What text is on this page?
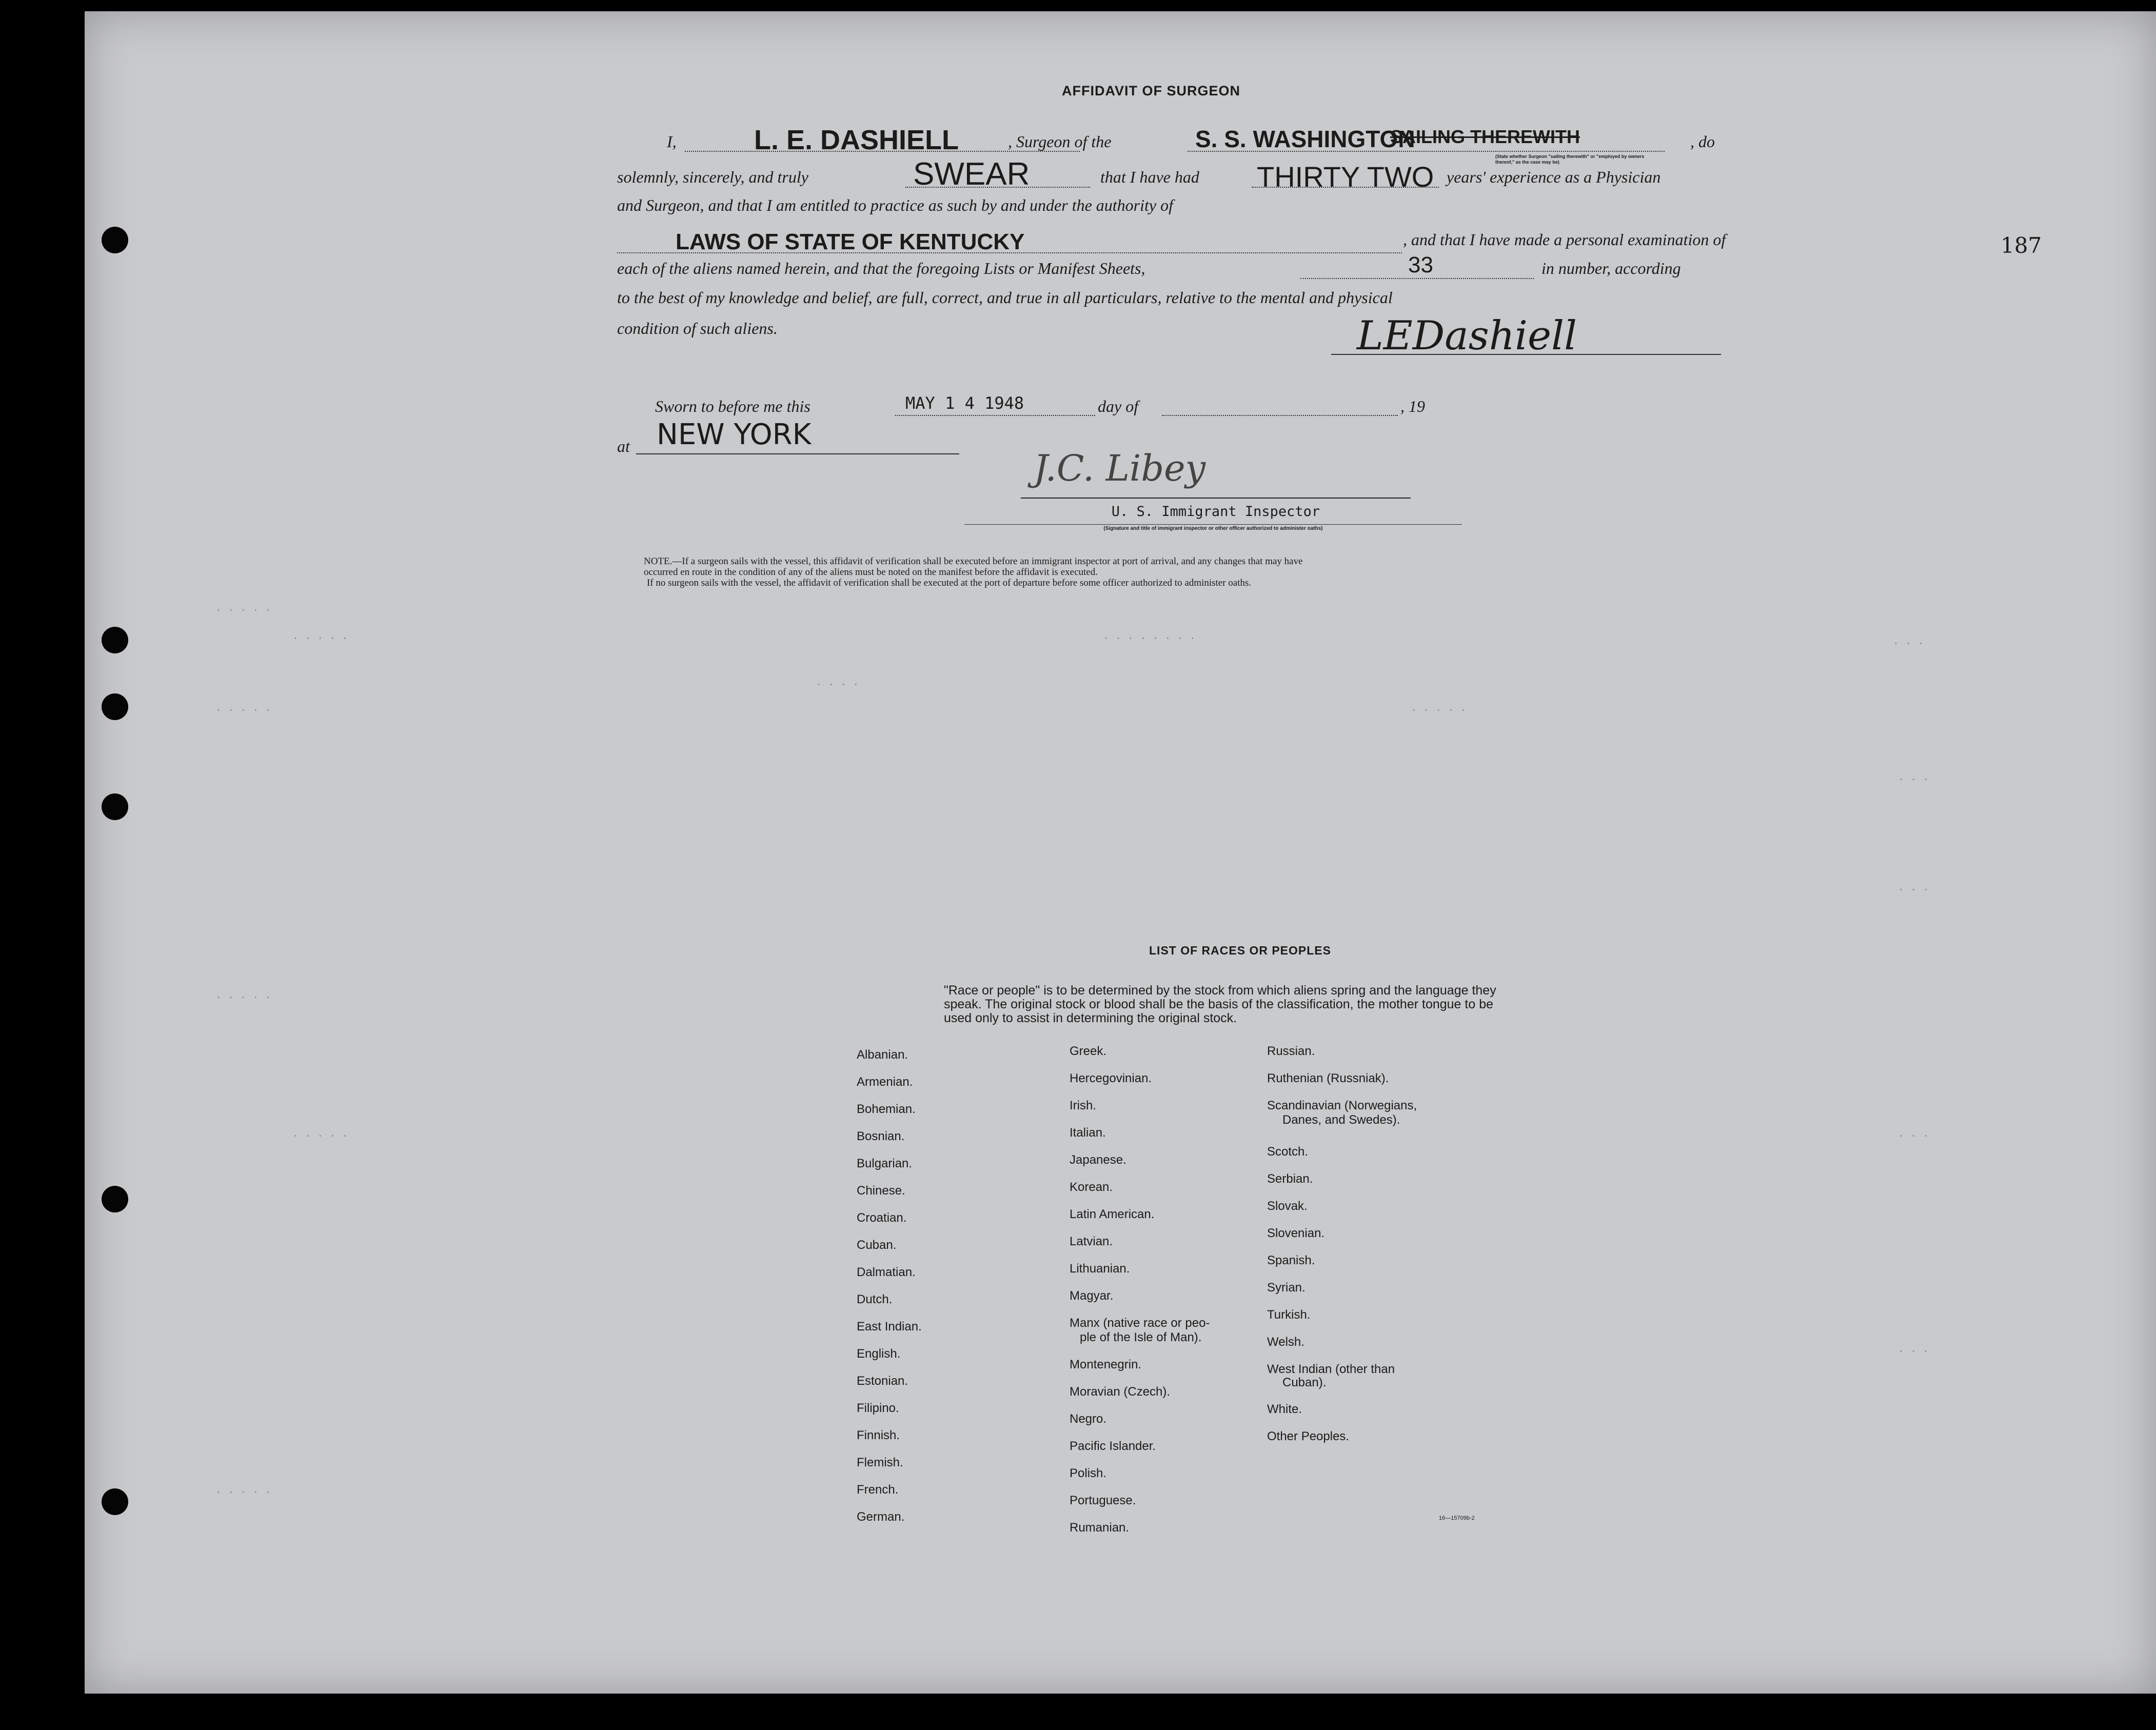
187
. . . . .
. . . . .
. . . . .
. . . .
. . . . . . . .
. . . . .
. . .
. . .
. . .
. . . . .
. . . . .	. . .
. . .
. . . . .
AFFIDAVIT OF SURGEON
I,	L. E. DASHIELL	, Surgeon of the	S. S. WASHINGTON
SAILING THEREWITH
(State whether Surgeon "sailing therewith" or "employed by owners thereof," as the case may be)
, do
solemnly, sincerely, and truly	SWEAR	that I have had THIRTY TWO years' experience as a Physician
and Surgeon, and that I am entitled to practice as such by and under the authority of
LAWS OF STATE OF KENTUCKY	, and that I have made a personal examination of
each of the aliens named herein, and that the foregoing Lists or Manifest Sheets,	33	in number, according
to the best of my knowledge and belief, are full, correct, and true in all particulars, relative to the mental and physical
condition of such aliens.	LEDashiell
Sworn to before me this	MAY 1 4 1948	day of	, 19
at NEW YORK
J.C. Libey
U. S. Immigrant Inspector
(Signature and title of immigrant inspector or other officer authorized to administer oaths)
NOTE.—If a surgeon sails with the vessel, this affidavit of verification shall be executed before an immigrant inspector at port of arrival, and any changes that may have
occurred en route in the condition of any of the aliens must be noted on the manifest before the affidavit is executed.
If no surgeon sails with the vessel, the affidavit of verification shall be executed at the port of departure before some officer authorized to administer oaths.
LIST OF RACES OR PEOPLES
"Race or people" is to be determined by the stock from which aliens spring and the language they speak. The original stock or blood shall be the basis of the classification, the mother tongue to be used only to assist in determining the original stock.
Albanian.
Armenian.
Bohemian.
Bosnian.
Bulgarian.
Chinese.
Croatian.
Cuban.
Dalmatian.
Dutch.
East Indian.
English.
Estonian.
Filipino.
Finnish.
Flemish.
French.
German.
Greek.
Hercegovinian.
Irish.
Italian.
Japanese.
Korean.
Latin American.
Latvian.
Lithuanian.
Magyar.
Manx (native race or peo-
ple of the Isle of Man).
Montenegrin.
Moravian (Czech).
Negro.
Pacific Islander.
Polish.
Portuguese.
Rumanian.
Russian.
Ruthenian (Russniak).
Scandinavian (Norwegians,
Danes, and Swedes).
Scotch.
Serbian.
Slovak.
Slovenian.
Spanish.
Syrian.
Turkish.
Welsh.
West Indian (other than
Cuban).
White.
Other Peoples.
16—15709b-2
